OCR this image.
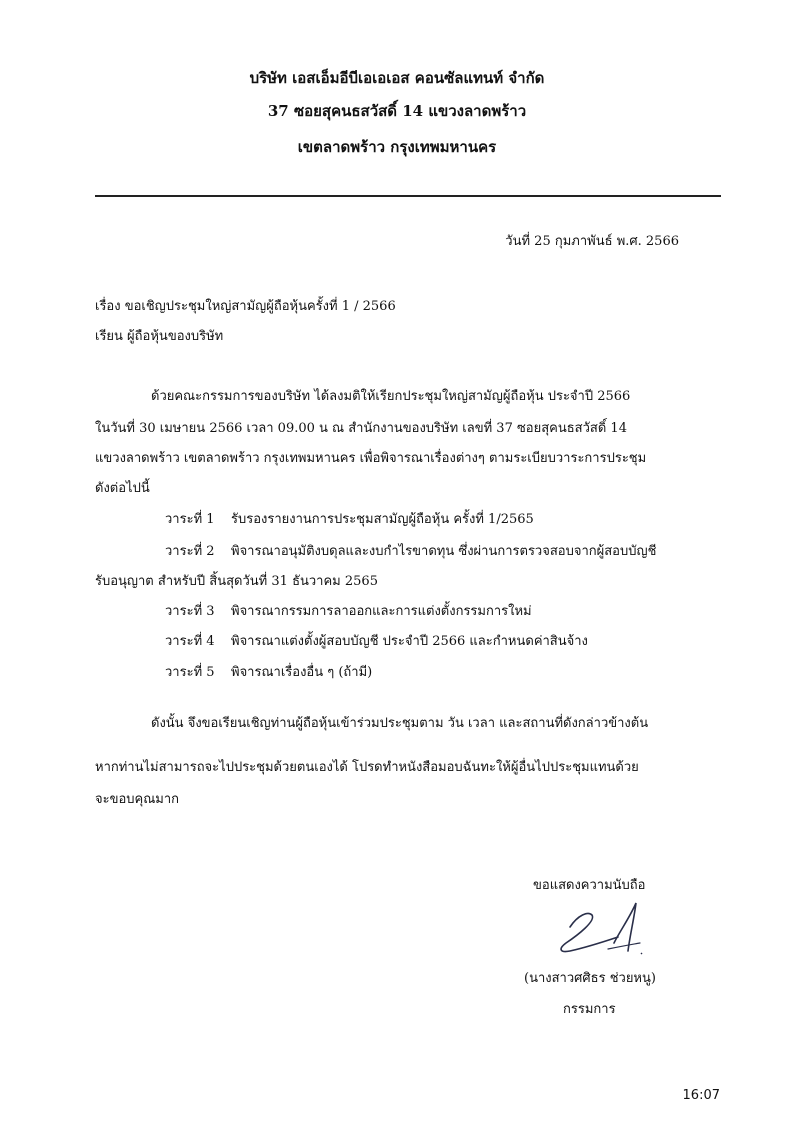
บริษัท เอสเอ็มอีบีเอเอเอส คอนซัลแทนท์ จำกัด
37 ซอยสุคนธสวัสดิ์ 14 แขวงลาดพร้าว
เขตลาดพร้าว กรุงเทพมหานคร
วันที่ 25 กุมภาพันธ์ พ.ศ. 2566
เรื่อง ขอเชิญประชุมใหญ่สามัญผู้ถือหุ้นครั้งที่ 1 / 2566
เรียน ผู้ถือหุ้นของบริษัท
ด้วยคณะกรรมการของบริษัท ได้ลงมติให้เรียกประชุมใหญ่สามัญผู้ถือหุ้น ประจำปี 2566
ในวันที่ 30 เมษายน 2566 เวลา 09.00 น ณ สำนักงานของบริษัท เลขที่ 37 ซอยสุคนธสวัสดิ์ 14
แขวงลาดพร้าว เขตลาดพร้าว กรุงเทพมหานคร เพื่อพิจารณาเรื่องต่างๆ ตามระเบียบวาระการประชุม
ดังต่อไปนี้
วาระที่ 1 รับรองรายงานการประชุมสามัญผู้ถือหุ้น ครั้งที่ 1/2565
วาระที่ 2 พิจารณาอนุมัติงบดุลและงบกำไรขาดทุน ซึ่งผ่านการตรวจสอบจากผู้สอบบัญชี
รับอนุญาต สำหรับปี สิ้นสุดวันที่ 31 ธันวาคม 2565
วาระที่ 3 พิจารณากรรมการลาออกและการแต่งตั้งกรรมการใหม่
วาระที่ 4 พิจารณาแต่งตั้งผู้สอบบัญชี ประจำปี 2566 และกำหนดค่าสินจ้าง
วาระที่ 5 พิจารณาเรื่องอื่น ๆ (ถ้ามี)
ดังนั้น จึงขอเรียนเชิญท่านผู้ถือหุ้นเข้าร่วมประชุมตาม วัน เวลา และสถานที่ดังกล่าวข้างต้น
หากท่านไม่สามารถจะไปประชุมด้วยตนเองได้ โปรดทำหนังสือมอบฉันทะให้ผู้อื่นไปประชุมแทนด้วย
จะขอบคุณมาก
ขอแสดงความนับถือ
(นางสาวศศิธร ช่วยหนู)
กรรมการ
16:07
